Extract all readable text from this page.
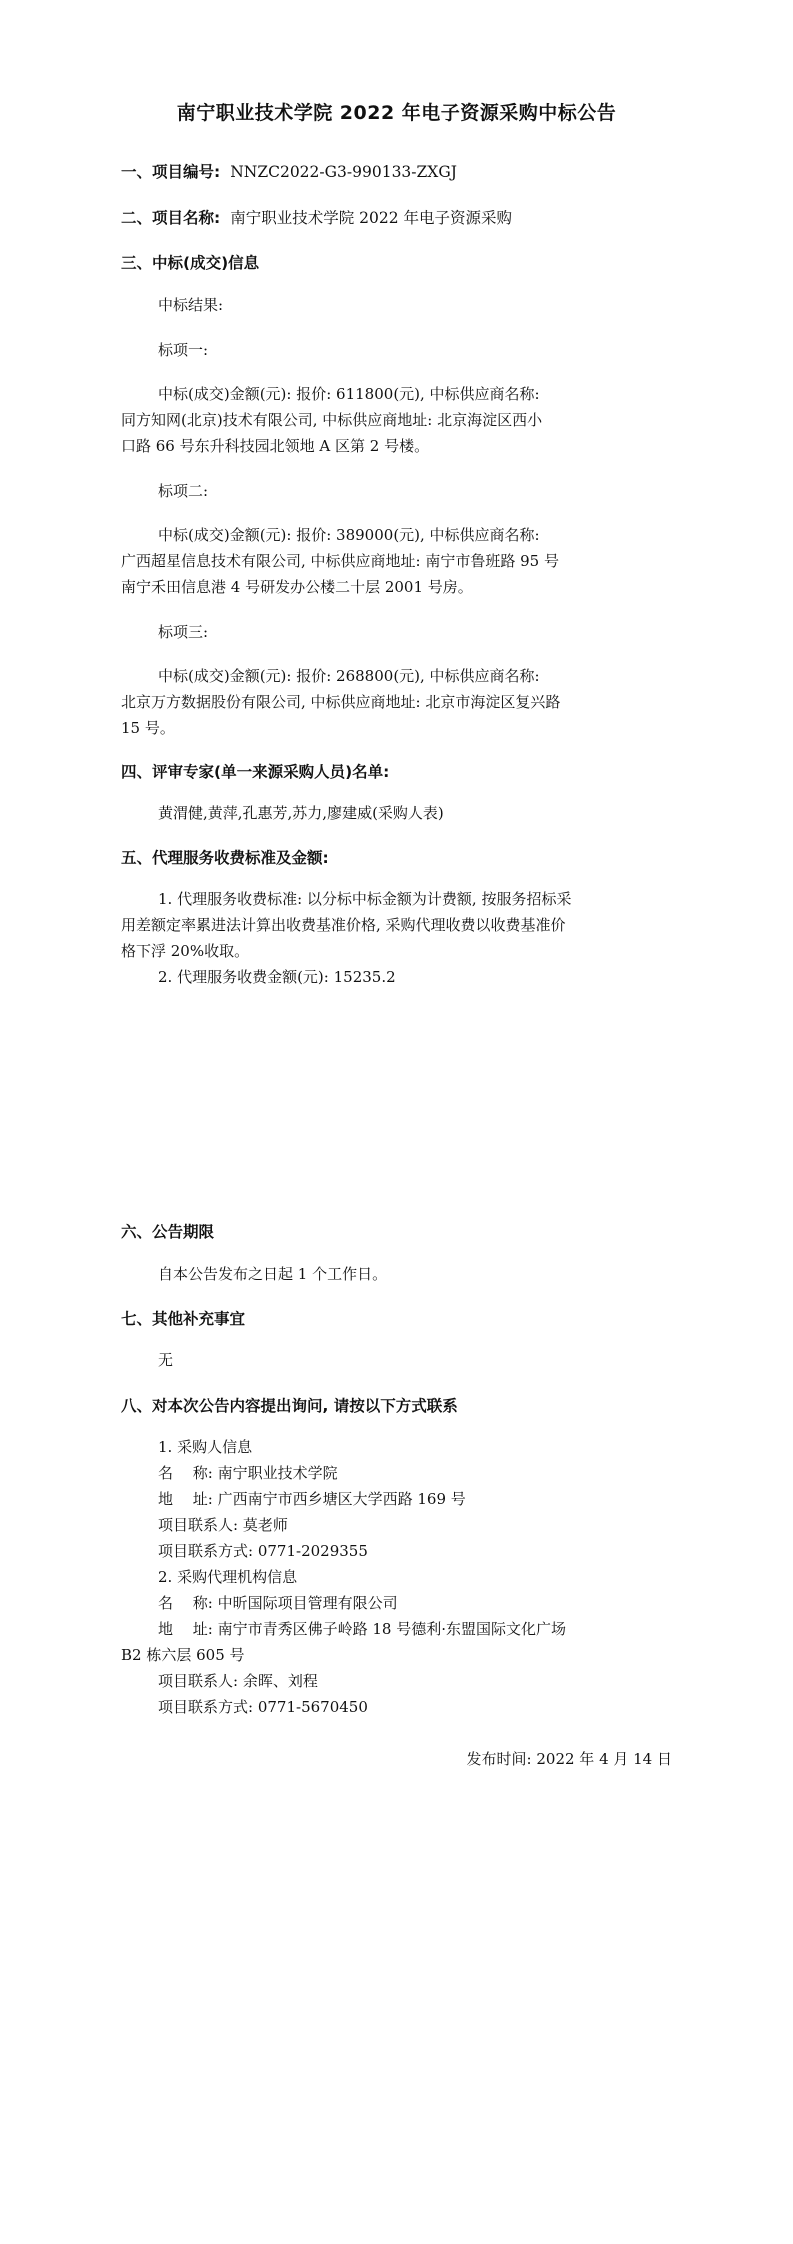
南宁职业技术学院 2022 年电子资源采购中标公告
一、项目编号: NNZC2022-G3-990133-ZXGJ
二、项目名称: 南宁职业技术学院 2022 年电子资源采购
三、中标(成交)信息
中标结果:
标项一:
中标(成交)金额(元): 报价: 611800(元), 中标供应商名称:
同方知网(北京)技术有限公司, 中标供应商地址: 北京海淀区西小
口路 66 号东升科技园北领地 A 区第 2 号楼。
标项二:
中标(成交)金额(元): 报价: 389000(元), 中标供应商名称:
广西超星信息技术有限公司, 中标供应商地址: 南宁市鲁班路 95 号
南宁禾田信息港 4 号研发办公楼二十层 2001 号房。
标项三:
中标(成交)金额(元): 报价: 268800(元), 中标供应商名称:
北京万方数据股份有限公司, 中标供应商地址: 北京市海淀区复兴路
15 号。
四、评审专家(单一来源采购人员)名单:
黄渭健,黄萍,孔惠芳,苏力,廖建威(采购人表)
五、代理服务收费标准及金额:
1. 代理服务收费标准: 以分标中标金额为计费额, 按服务招标采
用差额定率累进法计算出收费基准价格, 采购代理收费以收费基准价
格下浮 20%收取。
2. 代理服务收费金额(元): 15235.2
六、公告期限
自本公告发布之日起 1 个工作日。
七、其他补充事宜
无
八、对本次公告内容提出询问, 请按以下方式联系
1. 采购人信息
名　 称: 南宁职业技术学院
地　 址: 广西南宁市西乡塘区大学西路 169 号
项目联系人: 莫老师
项目联系方式: 0771-2029355
2. 采购代理机构信息
名　 称: 中昕国际项目管理有限公司
地　 址: 南宁市青秀区佛子岭路 18 号德利·东盟国际文化广场
B2 栋六层 605 号
项目联系人: 余晖、刘程
项目联系方式: 0771-5670450
发布时间: 2022 年 4 月 14 日
